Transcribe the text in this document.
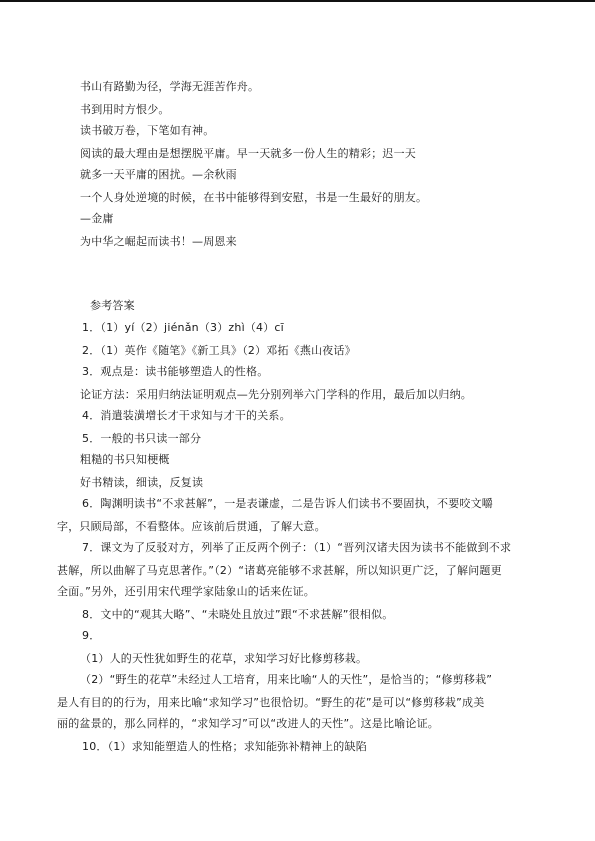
书山有路勤为径，学海无涯苦作舟。
书到用时方恨少。
读书破万卷，下笔如有神。
阅读的最大理由是想摆脱平庸。早一天就多一份人生的精彩；迟一天
就多一天平庸的困扰。—余秋雨
一个人身处逆境的时候，在书中能够得到安慰，书是一生最好的朋友。
—金庸
为中华之崛起而读书！—周恩来
参考答案
1．（1）yí（2）jiénǎn（3）zhì（4）cī
2．（1）英作《随笔》《新工具》（2）邓拓《燕山夜话》
3．观点是：读书能够塑造人的性格。
论证方法：采用归纳法证明观点—先分别列举六门学科的作用，最后加以归纳。
4．消遣装潢增长才干求知与才干的关系。
5．一般的书只读一部分
粗糙的书只知梗概
好书精读，细读，反复读
6．陶渊明读书“不求甚解”，一是表谦虚，二是告诉人们读书不要固执，不要咬文嚼
字，只顾局部，不看整体。应该前后贯通，了解大意。
7．课文为了反驳对方，列举了正反两个例子：（1）“晋列汉诸夫因为读书不能做到不求
甚解，所以曲解了马克思著作。”（2）“诸葛亮能够不求甚解，所以知识更广泛，了解问题更
全面。”另外，还引用宋代理学家陆象山的话来佐证。
8．文中的“观其大略”、“未晓处且放过”跟“不求甚解”很相似。
9．
（1）人的天性犹如野生的花草，求知学习好比修剪移栽。
（2）“野生的花草”未经过人工培育，用来比喻“人的天性”，是恰当的；“修剪移栽”
是人有目的的行为，用来比喻“求知学习”也很恰切。“野生的花”是可以“修剪移栽”成美
丽的盆景的，那么同样的，“求知学习”可以“改进人的天性”。这是比喻论证。
10．（1）求知能塑造人的性格；求知能弥补精神上的缺陷
